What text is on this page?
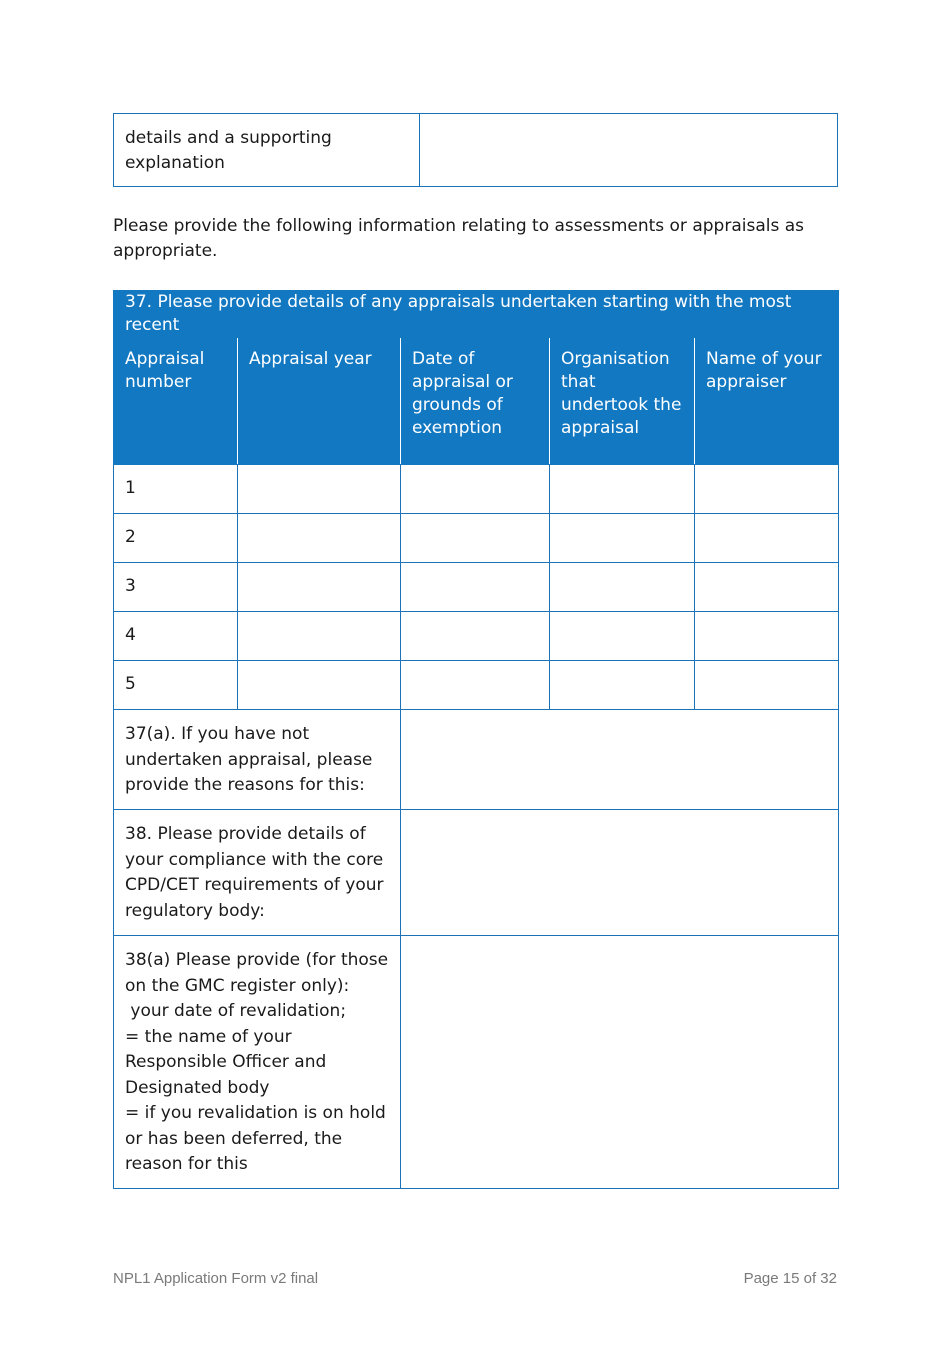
details and a supporting explanation	
Please provide the following information relating to assessments or appraisals as appropriate.
37. Please provide details of any appraisals undertaken starting with the most recent				
Appraisal number	Appraisal year	Date of appraisal or grounds of exemption	Organisation that undertook the appraisal	Name of your appraiser
1				
2				
3				
4				
5				
37(a). If you have not undertaken appraisal, please provide the reasons for this:				
38. Please provide details of your compliance with the core CPD/CET requirements of your regulatory body:				

38(a) Please provide (for those on the GMC register only):
your date of revalidation;
= the name of your Responsible Officer and Designated body
= if you revalidation is on hold or has been deferred, the reason for this				

NPL1 Application Form v2 final	Page 15 of 32
